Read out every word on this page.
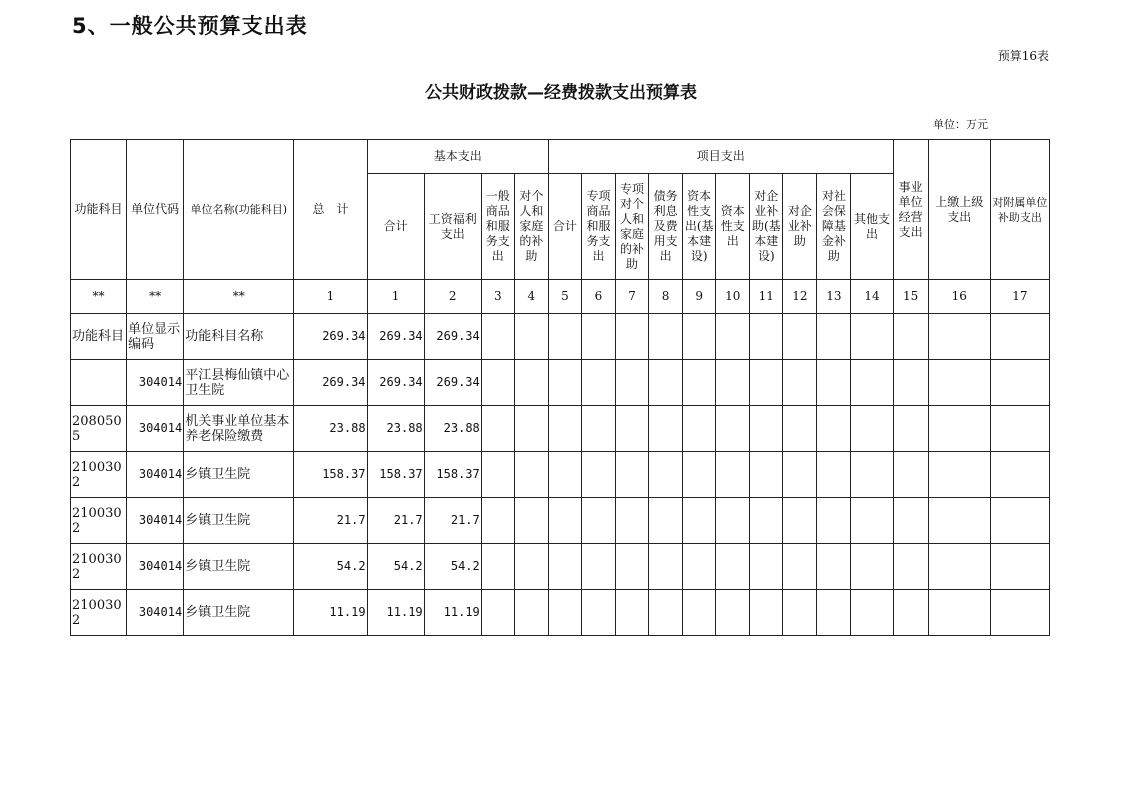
5、一般公共预算支出表
预算16表
公共财政拨款—经费拨款支出预算表
单位：万元
功能科目	单位代码	单位名称(功能科目)	总　计	基本支出				项目支出										事业单位经营支出	上缴上级支出	对附属单位补助支出
				合计	工资福利支出	一般商品和服务支出	对个人和家庭的补助	合计	专项商品和服务支出	专项对个人和家庭的补助	债务利息及费用支出	资本性支出(基本建设)	资本性支出	对企业补助(基本建设)	对企业补助	对社会保障基金补助	其他支出			
**	**	**	1	1	2	3	4	5	6	7	8	9	10	11	12	13	14	15	16	17
功能科目	单位显示编码	功能科目名称	269.34	269.34	269.34															
	304014	平江县梅仙镇中心卫生院	269.34	269.34	269.34															
2080505	304014	机关事业单位基本养老保险缴费	23.88	23.88	23.88															
2100302	304014	乡镇卫生院	158.37	158.37	158.37															
2100302	304014	乡镇卫生院	21.7	21.7	21.7															
2100302	304014	乡镇卫生院	54.2	54.2	54.2															
2100302	304014	乡镇卫生院	11.19	11.19	11.19															
